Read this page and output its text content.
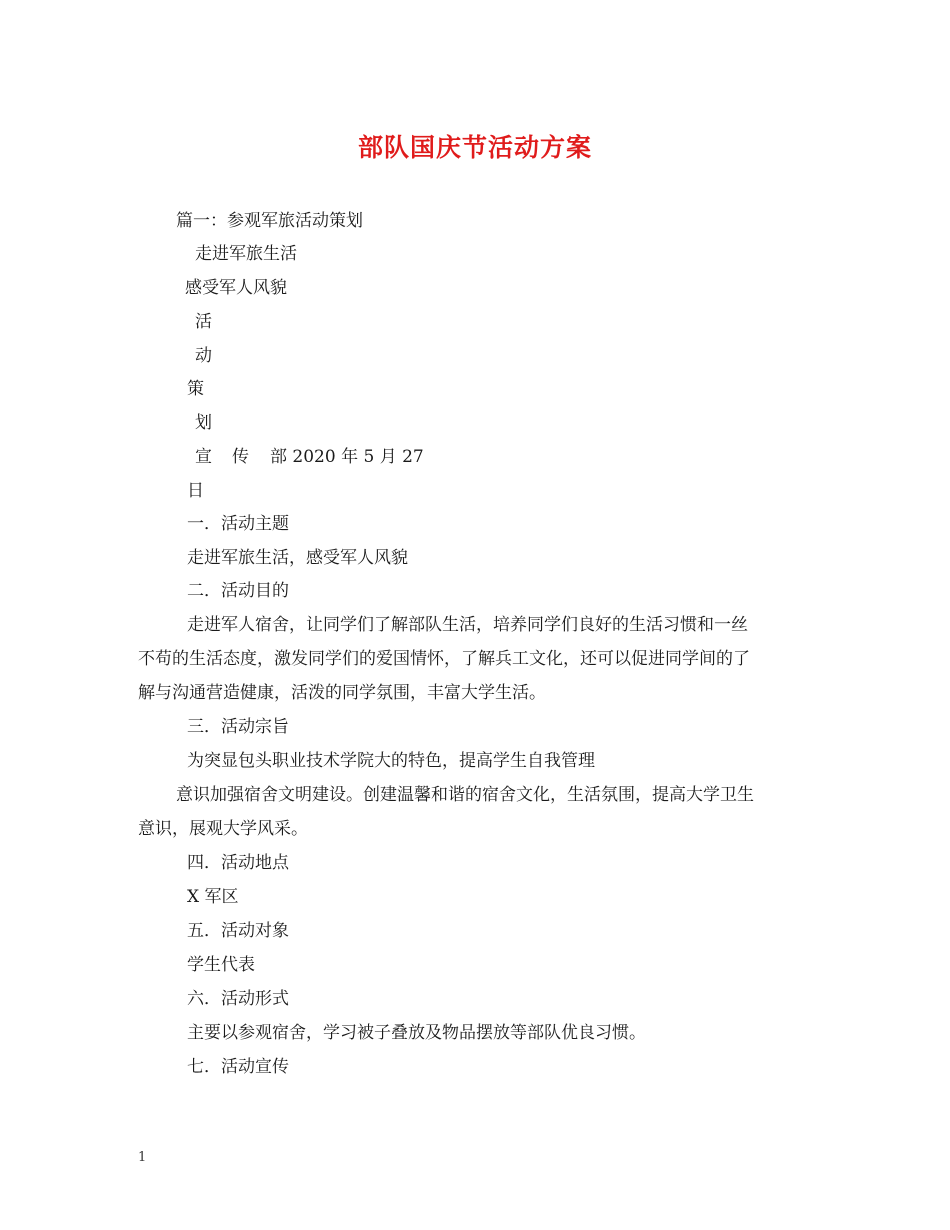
部队国庆节活动方案
篇一：参观军旅活动策划
走进军旅生活
感受军人风貌
活
动
策
划
宣 传 部 2020 年 5 月 27
日
一．活动主题
走进军旅生活，感受军人风貌
二．活动目的
走进军人宿舍，让同学们了解部队生活，培养同学们良好的生活习惯和一丝
不苟的生活态度，激发同学们的爱国情怀，了解兵工文化，还可以促进同学间的了
解与沟通营造健康，活泼的同学氛围，丰富大学生活。
三．活动宗旨
为突显包头职业技术学院大的特色，提高学生自我管理
意识加强宿舍文明建设。创建温馨和谐的宿舍文化，生活氛围，提高大学卫生
意识，展观大学风采。
四．活动地点
X 军区
五．活动对象
学生代表
六．活动形式
主要以参观宿舍，学习被子叠放及物品摆放等部队优良习惯。
七．活动宣传
1
